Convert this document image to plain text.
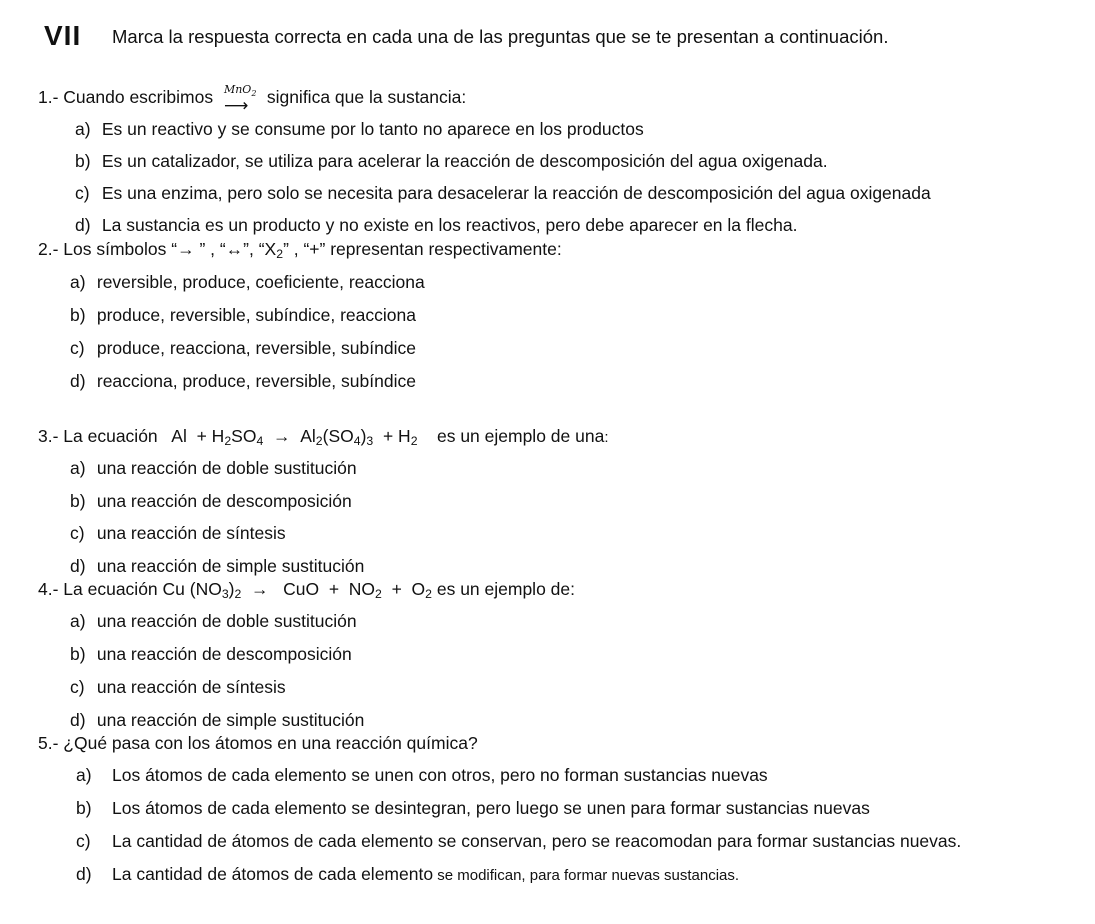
VII Marca la respuesta correcta en cada una de las preguntas que se te presentan a continuación.
1.- Cuando escribimos MnO$_2$
⟶ significa que la sustancia:
a) Es un reactivo y se consume por lo tanto no aparece en los productos
b) Es un catalizador, se utiliza para acelerar la reacción de descomposición del agua oxigenada.
c) Es una enzima, pero solo se necesita para desacelerar la reacción de descomposición del agua oxigenada
d) La sustancia es un producto y no existe en los reactivos, pero debe aparecer en la flecha.
2.- Los símbolos “→ ” , “↔”, “$X_2$” , “+” representan respectivamente:
a) reversible, produce, coeficiente, reacciona
b) produce, reversible, subíndice, reacciona
c) produce, reacciona, reversible, subíndice
d) reacciona, produce, reversible, subíndice
3.- La ecuación $Al + H_2SO_4 \to Al_2(SO_4)_3 + H_2$ es un ejemplo de una:
a) una reacción de doble sustitución
b) una reacción de descomposición
c) una reacción de síntesis
d) una reacción de simple sustitución
4.- La ecuación Cu $(NO_3)_2$  →   CuO  +  $NO_2 + O_2$ es un ejemplo de:
a) una reacción de doble sustitución
b) una reacción de descomposición
c) una reacción de síntesis
d) una reacción de simple sustitución
5.- ¿Qué pasa con los átomos en una reacción química?
a) Los átomos de cada elemento se unen con otros, pero no forman sustancias nuevas
b) Los átomos de cada elemento se desintegran, pero luego se unen para formar sustancias nuevas
c) La cantidad de átomos de cada elemento se conservan, pero se reacomodan para formar sustancias nuevas.
d) La cantidad de átomos de cada elemento se modifican, para formar nuevas sustancias.
